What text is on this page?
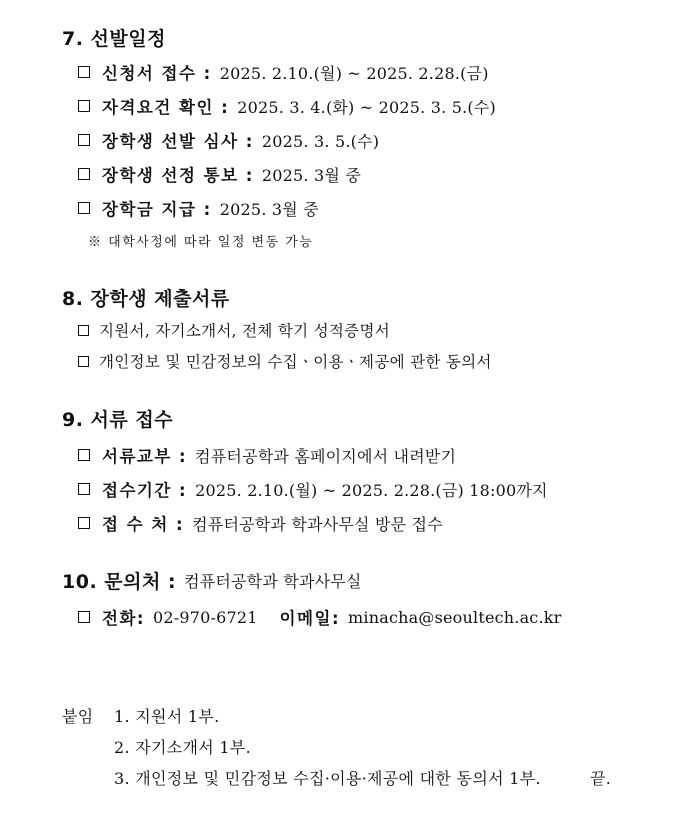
7. 선발일정
신청서 접수 : 2025. 2.10.(월) ~ 2025. 2.28.(금)
자격요건 확인 : 2025. 3. 4.(화) ~ 2025. 3. 5.(수)
장학생 선발 심사 : 2025. 3. 5.(수)
장학생 선정 통보 : 2025. 3월 중
장학금 지급 : 2025. 3월 중
※ 대학사정에 따라 일정 변동 가능
8. 장학생 제출서류
지원서, 자기소개서, 전체 학기 성적증명서
개인정보 및 민감정보의 수집ㆍ이용ㆍ제공에 관한 동의서
9. 서류 접수
서류교부 : 컴퓨터공학과 홈페이지에서 내려받기
접수기간 : 2025. 2.10.(월) ~ 2025. 2.28.(금) 18:00까지
접 수 처 : 컴퓨터공학과 학과사무실 방문 접수
10. 문의처 : 컴퓨터공학과 학과사무실
전화: 02-970-6721 이메일: minacha@seoultech.ac.kr
붙임 1. 지원서 1부.
2. 자기소개서 1부.
3. 개인정보 및 민감정보 수집·이용·제공에 대한 동의서 1부.	끝.
